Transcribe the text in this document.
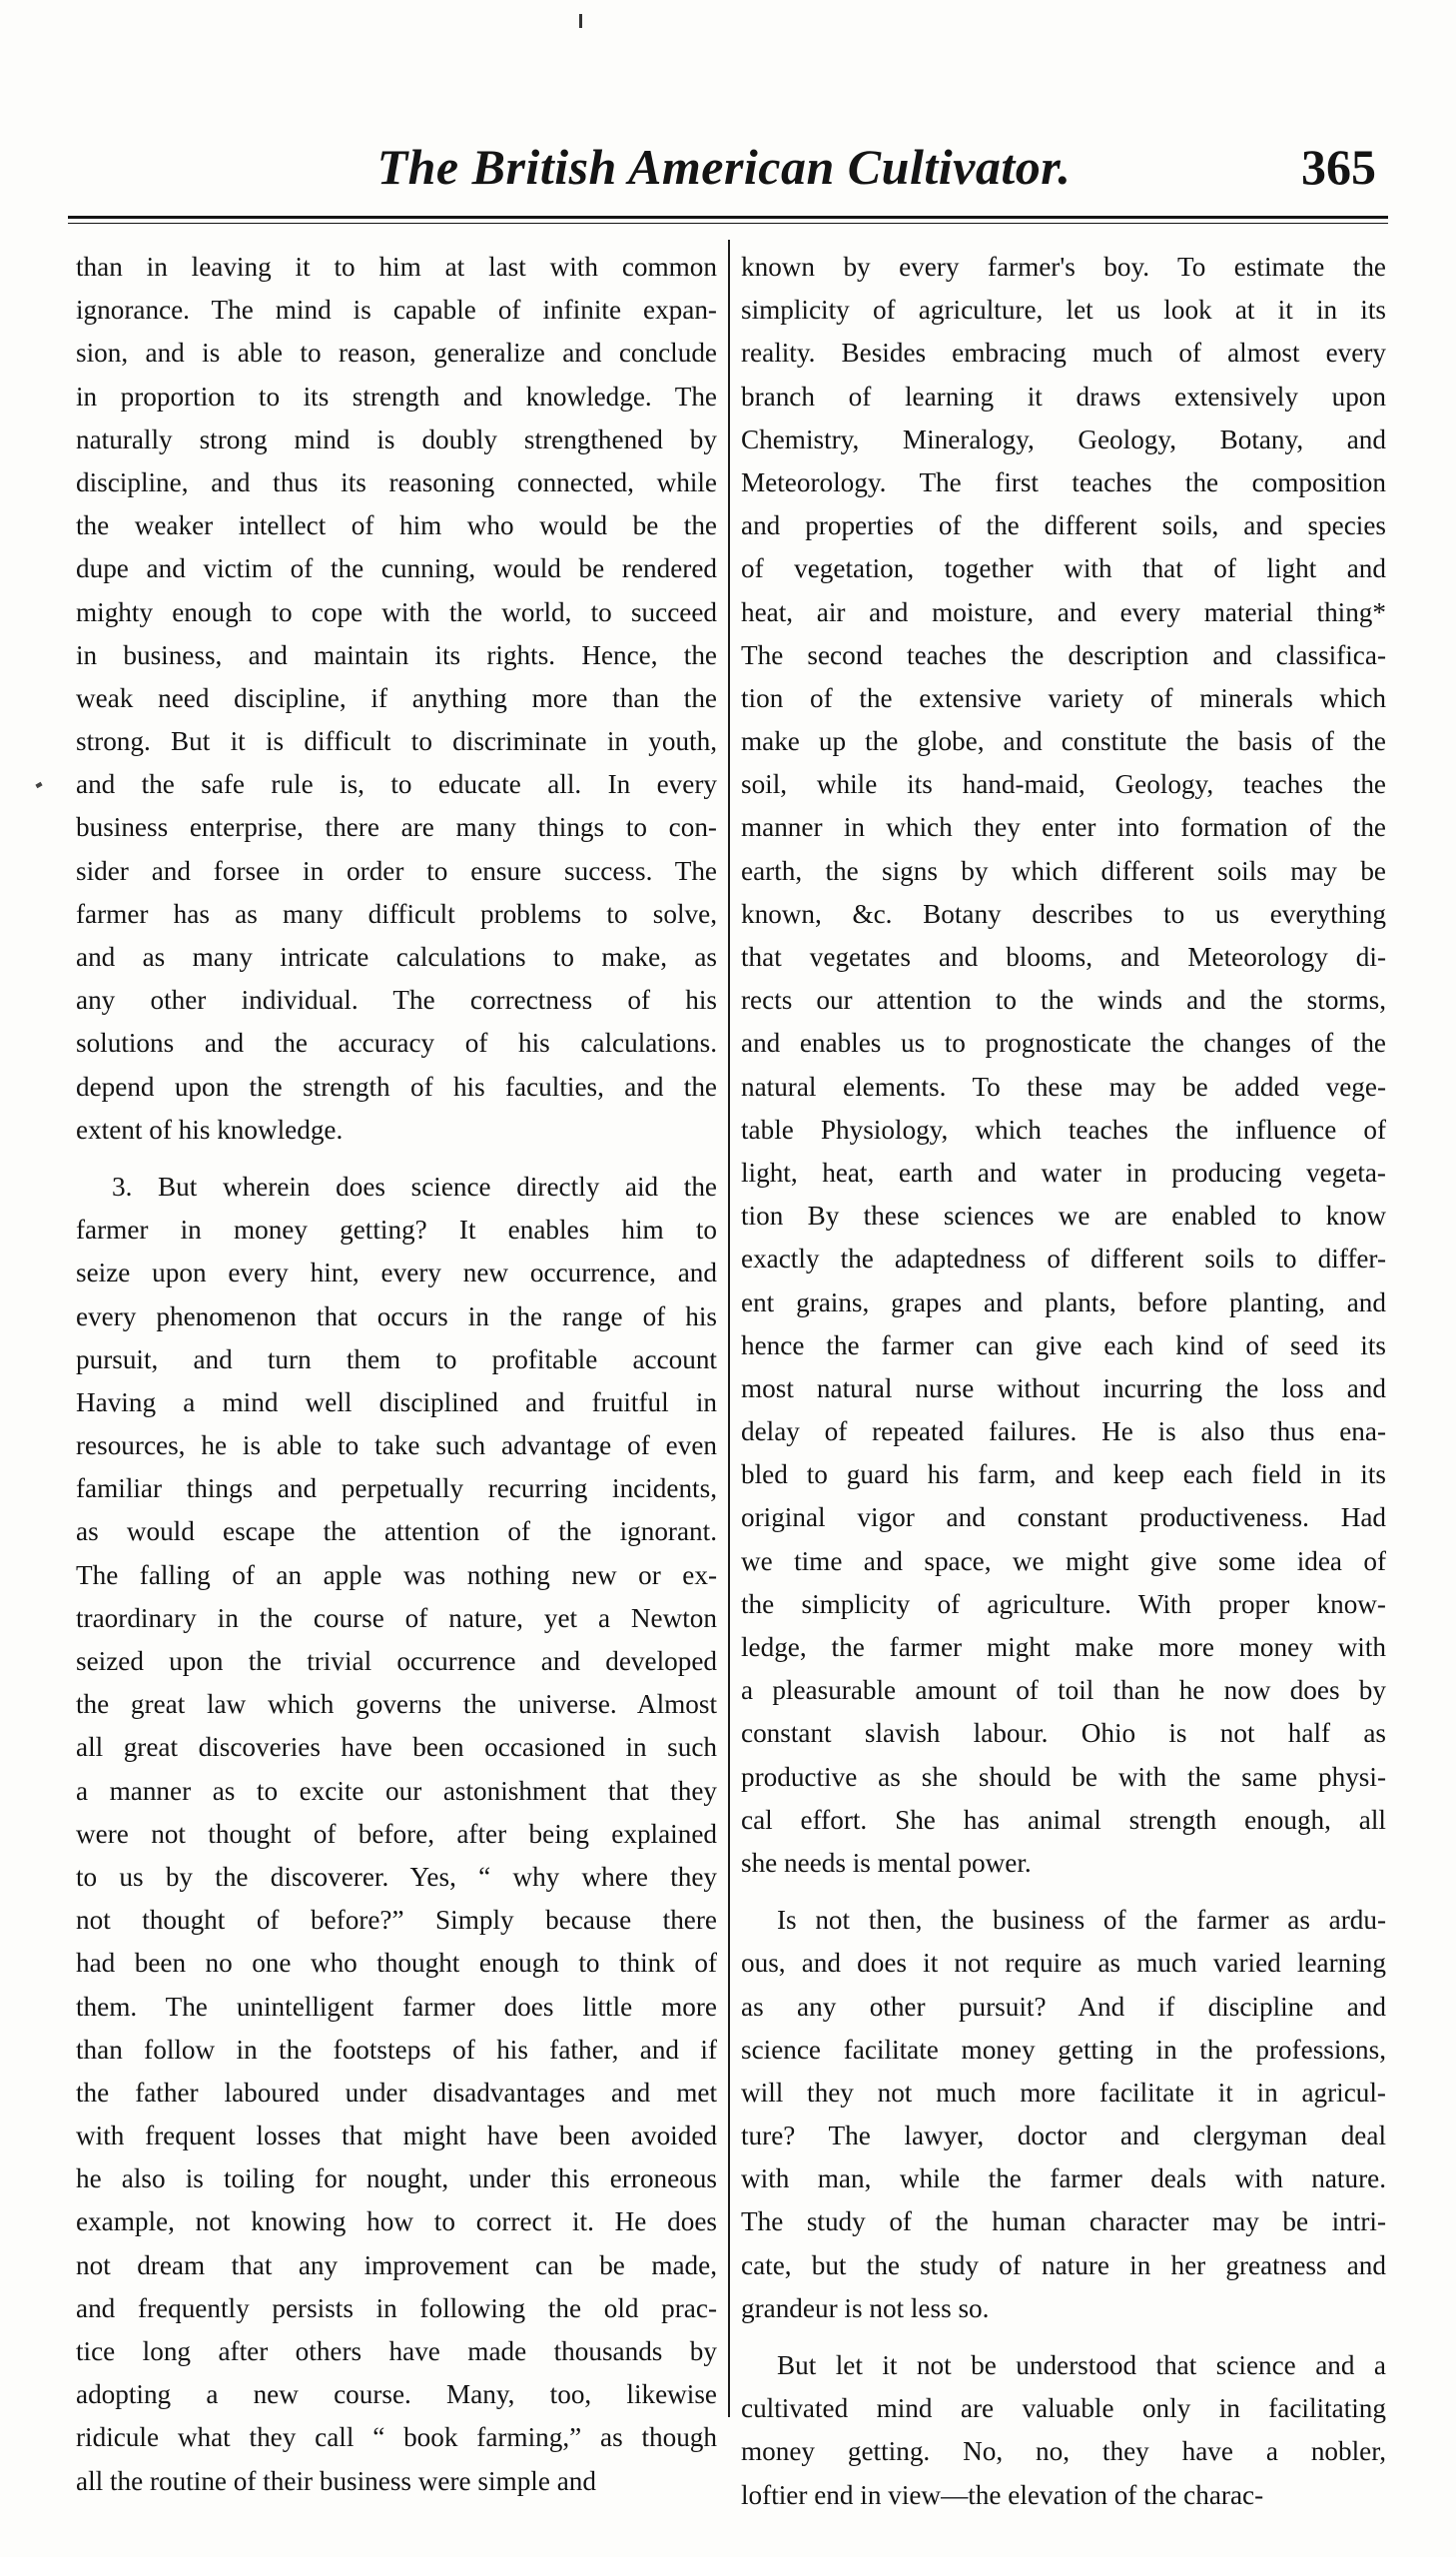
The British American Cultivator.	365
than in leaving it to him at last with common
ignorance. The mind is capable of infinite expan-
sion, and is able to reason, generalize and conclude
in proportion to its strength and knowledge. The
naturally strong mind is doubly strengthened by
discipline, and thus its reasoning connected, while
the weaker intellect of him who would be the
dupe and victim of the cunning, would be rendered
mighty enough to cope with the world, to succeed
in business, and maintain its rights. Hence, the
weak need discipline, if anything more than the
strong. But it is difficult to discriminate in youth,
and the safe rule is, to educate all. In every
business enterprise, there are many things to con-
sider and forsee in order to ensure success. The
farmer has as many difficult problems to solve,
and as many intricate calculations to make, as
any other individual. The correctness of his
solutions and the accuracy of his calculations.
depend upon the strength of his faculties, and the
extent of his knowledge.
3. But wherein does science directly aid the
farmer in money getting? It enables him to
seize upon every hint, every new occurrence, and
every phenomenon that occurs in the range of his
pursuit, and turn them to profitable account
Having a mind well disciplined and fruitful in
resources, he is able to take such advantage of even
familiar things and perpetually recurring incidents,
as would escape the attention of the ignorant.
The falling of an apple was nothing new or ex-
traordinary in the course of nature, yet a Newton
seized upon the trivial occurrence and developed
the great law which governs the universe. Almost
all great discoveries have been occasioned in such
a manner as to excite our astonishment that they
were not thought of before, after being explained
to us by the discoverer. Yes, “ why where they
not thought of before?” Simply because there
had been no one who thought enough to think of
them. The unintelligent farmer does little more
than follow in the footsteps of his father, and if
the father laboured under disadvantages and met
with frequent losses that might have been avoided
he also is toiling for nought, under this erroneous
example, not knowing how to correct it. He does
not dream that any improvement can be made,
and frequently persists in following the old prac-
tice long after others have made thousands by
adopting a new course. Many, too, likewise
ridicule what they call “ book farming,” as though
all the routine of their business were simple and
known by every farmer's boy. To estimate the
simplicity of agriculture, let us look at it in its
reality. Besides embracing much of almost every
branch of learning it draws extensively upon
Chemistry, Mineralogy, Geology, Botany, and
Meteorology. The first teaches the composition
and properties of the different soils, and species
of vegetation, together with that of light and
heat, air and moisture, and every material thing*
The second teaches the description and classifica-
tion of the extensive variety of minerals which
make up the globe, and constitute the basis of the
soil, while its hand-maid, Geology, teaches the
manner in which they enter into formation of the
earth, the signs by which different soils may be
known, &c. Botany describes to us everything
that vegetates and blooms, and Meteorology di-
rects our attention to the winds and the storms,
and enables us to prognosticate the changes of the
natural elements. To these may be added vege-
table Physiology, which teaches the influence of
light, heat, earth and water in producing vegeta-
tion By these sciences we are enabled to know
exactly the adaptedness of different soils to differ-
ent grains, grapes and plants, before planting, and
hence the farmer can give each kind of seed its
most natural nurse without incurring the loss and
delay of repeated failures. He is also thus ena-
bled to guard his farm, and keep each field in its
original vigor and constant productiveness. Had
we time and space, we might give some idea of
the simplicity of agriculture. With proper know-
ledge, the farmer might make more money with
a pleasurable amount of toil than he now does by
constant slavish labour. Ohio is not half as
productive as she should be with the same physi-
cal effort. She has animal strength enough, all
she needs is mental power.
Is not then, the business of the farmer as ardu-
ous, and does it not require as much varied learning
as any other pursuit? And if discipline and
science facilitate money getting in the professions,
will they not much more facilitate it in agricul-
ture? The lawyer, doctor and clergyman deal
with man, while the farmer deals with nature.
The study of the human character may be intri-
cate, but the study of nature in her greatness and
grandeur is not less so.
But let it not be understood that science and a
cultivated mind are valuable only in facilitating
money getting. No, no, they have a nobler,
loftier end in view—the elevation of the charac-
